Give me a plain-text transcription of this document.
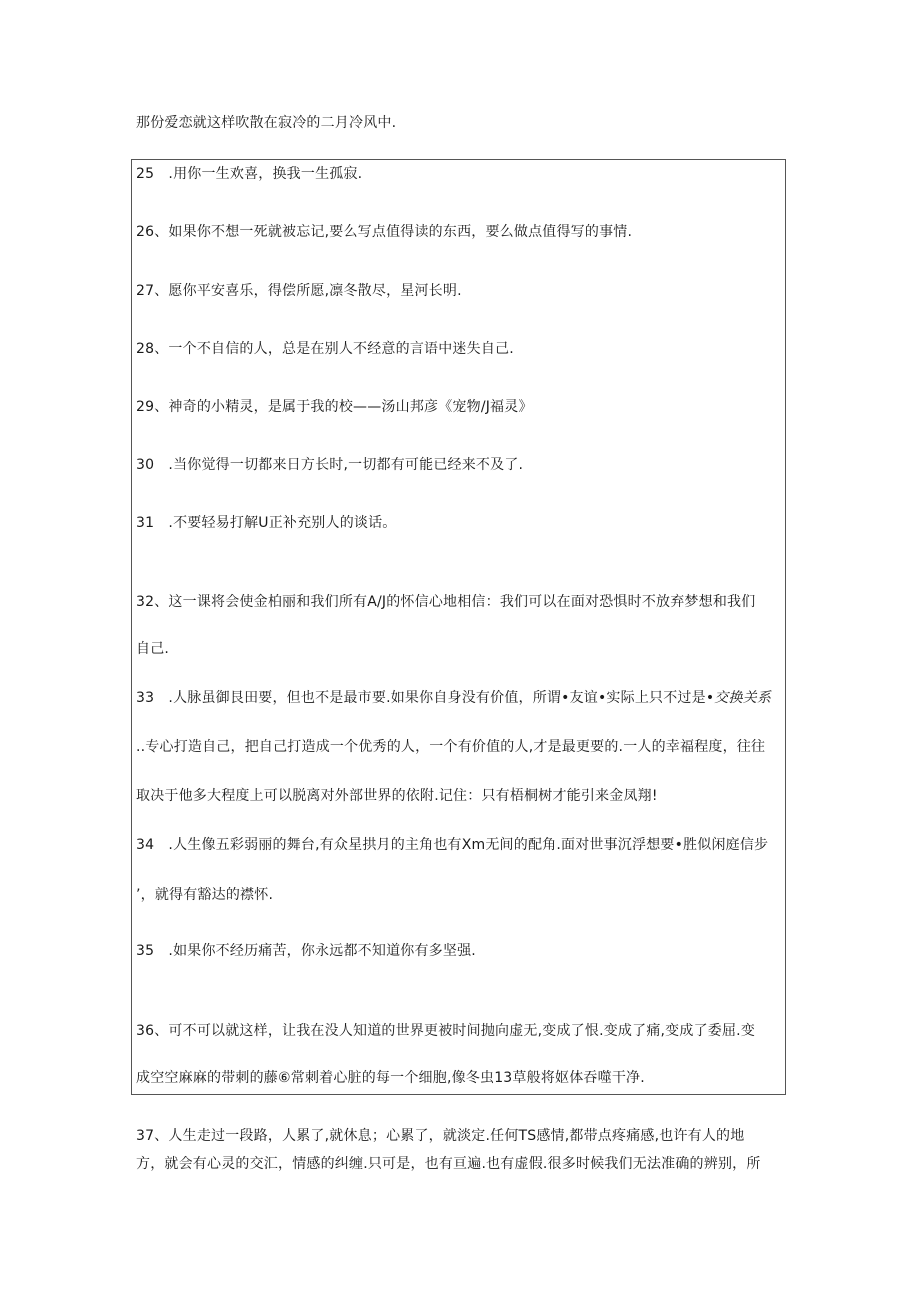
那份爱恋就这样吹散在寂冷的二月冷风中.
25　.用你一生欢喜，换我一生孤寂.
26、如果你不想一死就被忘记,要么写点值得读的东西，要么做点值得写的事情.
27、愿你平安喜乐，得偿所愿,凛冬散尽，星河长明.
28、一个不自信的人，总是在别人不经意的言语中迷失自己.
29、神奇的小精灵，是属于我的校——汤山邦彦《宠物/J福灵》
30　.当你觉得一切都来日方长时,一切都有可能已经来不及了.
31　.不要轻易打解U正补充别人的谈话。
32、这一课将会使金柏丽和我们所有A/J的怀信心地相信：我们可以在面对恐惧时不放弃梦想和我们
自己.
33　.人脉虽御艮田要，但也不是最市要.如果你自身没有价值，所谓•友谊•实际上只不过是•交换关系
..专心打造自己，把自己打造成一个优秀的人，一个有价值的人,才是最更要的.一人的幸福程度，往往
取决于他多大程度上可以脱离对外部世界的依附.记住：只有梧桐树才能引来金凤翔!
34　.人生像五彩弱丽的舞台,有众星拱月的主角也有Xm无间的配角.面对世事沉浮想要•胜似闲庭信步
’，就得有豁达的襟怀.
35　.如果你不经历痛苦，你永远都不知道你有多坚强.
36、可不可以就这样，让我在没人知道的世界更被时间抛向虚无,变成了恨.变成了痛,变成了委屈.变
成空空麻麻的带刺的藤⑥常刺着心脏的每一个细胞,像冬虫13草般将妪体吞噬干净.
37、人生走过一段路，人累了,就休息；心累了，就淡定.任何TS感情,都带点疼痛感,也许有人的地
方，就会有心灵的交汇，情感的纠缠.只可是，也有亘遍.也有虚假.很多时候我们无法准确的辨别，所
